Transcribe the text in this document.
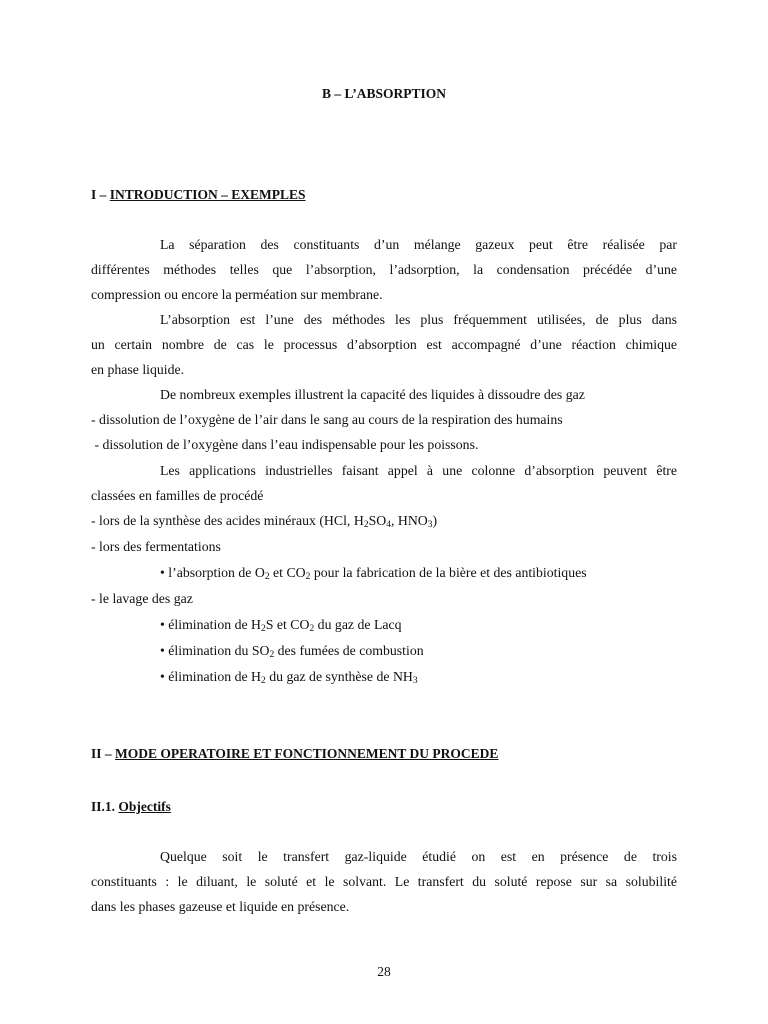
B – L’ABSORPTION
I – INTRODUCTION – EXEMPLES
La séparation des constituants d’un mélange gazeux peut être réalisée par
différentes méthodes telles que l’absorption, l’adsorption, la condensation précédée d’une
compression ou encore la perméation sur membrane.
L’absorption est l’une des méthodes les plus fréquemment utilisées, de plus dans
un certain nombre de cas le processus d’absorption est accompagné d’une réaction chimique
en phase liquide.
De nombreux exemples illustrent la capacité des liquides à dissoudre des gaz
- dissolution de l’oxygène de l’air dans le sang au cours de la respiration des humains
- dissolution de l’oxygène dans l’eau indispensable pour les poissons.
Les applications industrielles faisant appel à une colonne d’absorption peuvent être
classées en familles de procédé
- lors de la synthèse des acides minéraux (HCl, $H_2SO_4$, $HNO_3$)
- lors des fermentations
• l’absorption de $O_2$ et $CO_2$ pour la fabrication de la bière et des antibiotiques
- le lavage des gaz
• élimination de $H_2S$ et $CO_2$ du gaz de Lacq
• élimination du $SO_2$ des fumées de combustion
• élimination de $H_2$ du gaz de synthèse de $NH_3$
II – MODE OPERATOIRE ET FONCTIONNEMENT DU PROCEDE
II.1. Objectifs
Quelque soit le transfert gaz-liquide étudié on est en présence de trois
constituants : le diluant, le soluté et le solvant. Le transfert du soluté repose sur sa solubilité
dans les phases gazeuse et liquide en présence.
28
